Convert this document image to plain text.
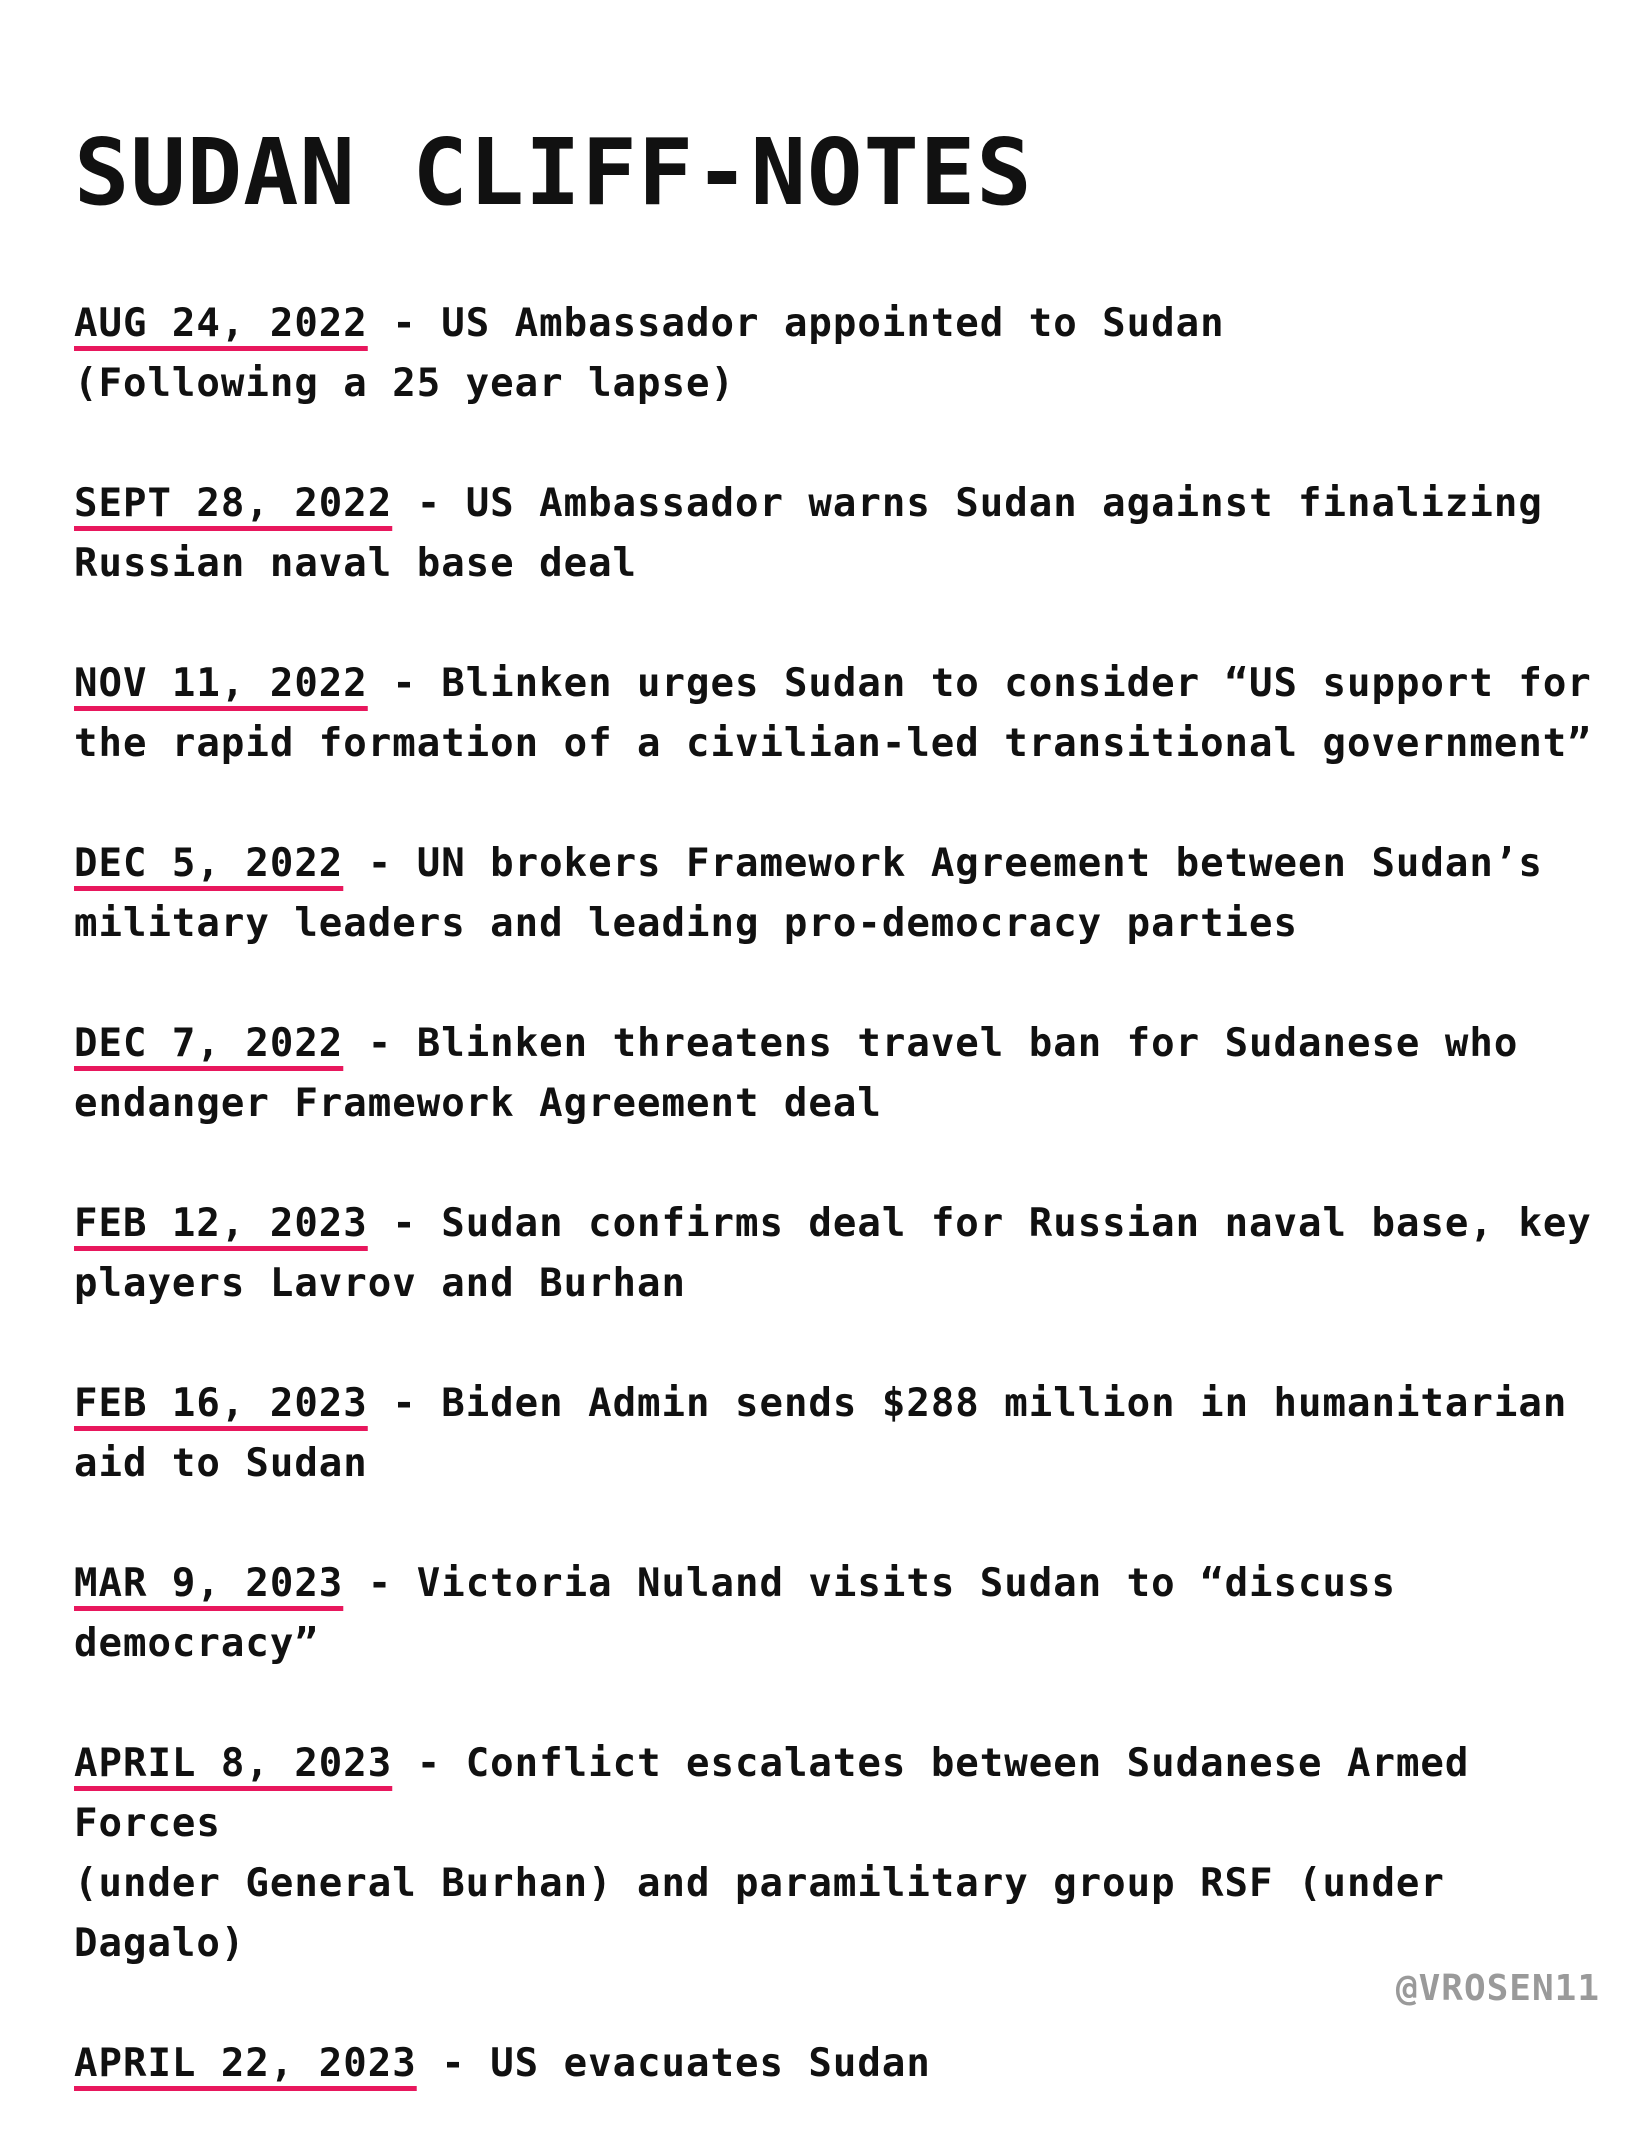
SUDAN CLIFF-NOTES
AUG 24, 2022 - US Ambassador appointed to Sudan
(Following a 25 year lapse)
SEPT 28, 2022 - US Ambassador warns Sudan against finalizing
Russian naval base deal
NOV 11, 2022 - Blinken urges Sudan to consider “US support for
the rapid formation of a civilian-led transitional government”
DEC 5, 2022 - UN brokers Framework Agreement between Sudan’s
military leaders and leading pro-democracy parties
DEC 7, 2022 - Blinken threatens travel ban for Sudanese who
endanger Framework Agreement deal
FEB 12, 2023 - Sudan confirms deal for Russian naval base, key
players Lavrov and Burhan
FEB 16, 2023 - Biden Admin sends $288 million in humanitarian
aid to Sudan
MAR 9, 2023 - Victoria Nuland visits Sudan to “discuss democracy”
APRIL 8, 2023 - Conflict escalates between Sudanese Armed Forces
(under General Burhan) and paramilitary group RSF (under Dagalo)
APRIL 22, 2023 - US evacuates Sudan
@VROSEN11
